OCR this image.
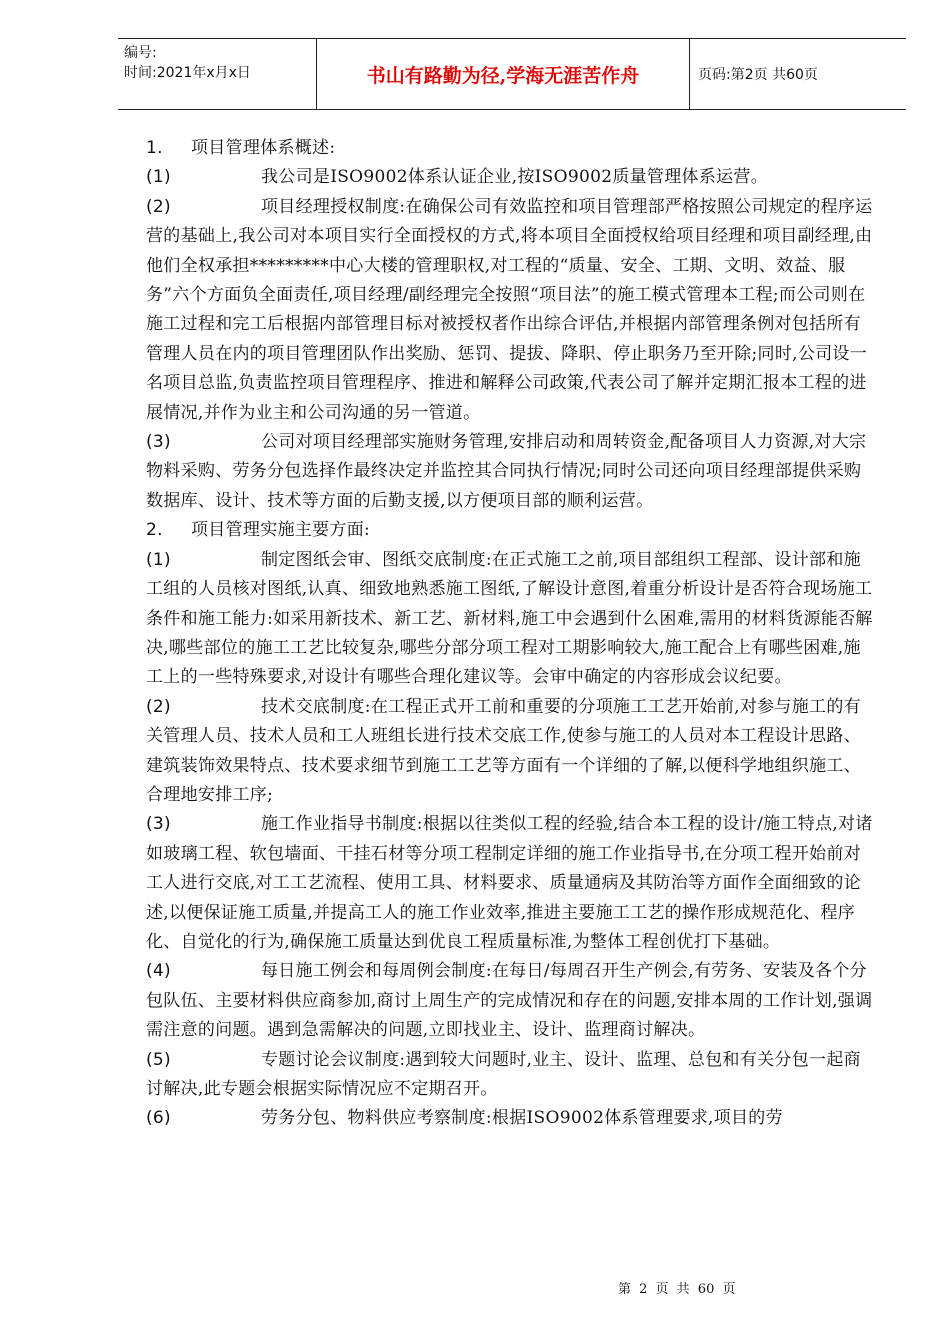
编号:
时间:2021年x月x日	书山有路勤为径,学海无涯苦作舟	页码:第2页 共60页

1. 项目管理体系概述:

(1)	我公司是ISO9002体系认证企业,按ISO9002质量管理体系运营。

(2)	项目经理授权制度:在确保公司有效监控和项目管理部严格按照公司规定的程序运营的基础上,我公司对本项目实行全面授权的方式,将本项目全面授权给项目经理和项目副经理,由他们全权承担*********中心大楼的管理职权,对工程的“质量、安全、工期、文明、效益、服务”六个方面负全面责任,项目经理/副经理完全按照“项目法”的施工模式管理本工程;而公司则在施工过程和完工后根据内部管理目标对被授权者作出综合评估,并根据内部管理条例对包括所有管理人员在内的项目管理团队作出奖励、惩罚、提拔、降职、停止职务乃至开除;同时,公司设一名项目总监,负责监控项目管理程序、推进和解释公司政策,代表公司了解并定期汇报本工程的进展情况,并作为业主和公司沟通的另一管道。

(3)	公司对项目经理部实施财务管理,安排启动和周转资金,配备项目人力资源,对大宗物料采购、劳务分包选择作最终决定并监控其合同执行情况;同时公司还向项目经理部提供采购数据库、设计、技术等方面的后勤支援,以方便项目部的顺利运营。

2. 项目管理实施主要方面:

(1)	制定图纸会审、图纸交底制度:在正式施工之前,项目部组织工程部、设计部和施工组的人员核对图纸,认真、细致地熟悉施工图纸,了解设计意图,着重分析设计是否符合现场施工条件和施工能力:如采用新技术、新工艺、新材料,施工中会遇到什么困难,需用的材料货源能否解决,哪些部位的施工工艺比较复杂,哪些分部分项工程对工期影响较大,施工配合上有哪些困难,施工上的一些特殊要求,对设计有哪些合理化建议等。会审中确定的内容形成会议纪要。

(2)	技术交底制度:在工程正式开工前和重要的分项施工工艺开始前,对参与施工的有关管理人员、技术人员和工人班组长进行技术交底工作,使参与施工的人员对本工程设计思路、建筑装饰效果特点、技术要求细节到施工工艺等方面有一个详细的了解,以便科学地组织施工、合理地安排工序;

(3)	施工作业指导书制度:根据以往类似工程的经验,结合本工程的设计/施工特点,对诸如玻璃工程、软包墙面、干挂石材等分项工程制定详细的施工作业指导书,在分项工程开始前对工人进行交底,对工工艺流程、使用工具、材料要求、质量通病及其防治等方面作全面细致的论述,以便保证施工质量,并提高工人的施工作业效率,推进主要施工工艺的操作形成规范化、程序化、自觉化的行为,确保施工质量达到优良工程质量标准,为整体工程创优打下基础。

(4)	每日施工例会和每周例会制度:在每日/每周召开生产例会,有劳务、安装及各个分包队伍、主要材料供应商参加,商讨上周生产的完成情况和存在的问题,安排本周的工作计划,强调需注意的问题。遇到急需解决的问题,立即找业主、设计、监理商讨解决。

(5)	专题讨论会议制度:遇到较大问题时,业主、设计、监理、总包和有关分包一起商讨解决,此专题会根据实际情况应不定期召开。

(6)	劳务分包、物料供应考察制度:根据ISO9002体系管理要求,项目的劳

第 2 页 共 60 页
